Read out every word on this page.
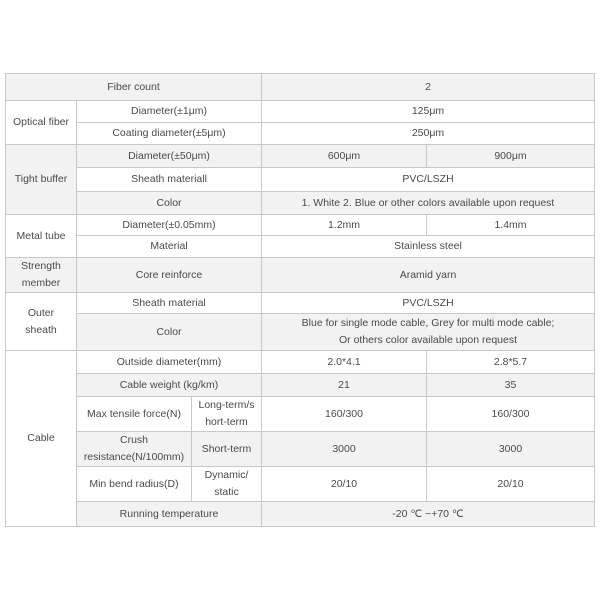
Fiber count			2	
Optical fiber	Diameter(±1μm)		125μm	
	Coating diameter(±5μm)		250μm	
Tight buffer	Diameter(±50μm)		600μm	900μm
	Sheath materiall		PVC/LSZH	
	Color		1. White 2. Blue or other colors available upon request	
Metal tube	Diameter(±0.05mm)		1.2mm	1.4mm
	Material		Stainless steel	
Strength
member	Core reinforce		Aramid yarn	
Outer
sheath	Sheath material		PVC/LSZH	
	Color		Blue for single mode cable, Grey for multi mode cable;
Or others color available upon request	
Cable	Outside diameter(mm)		2.0*4.1	2.8*5.7
	Cable weight (kg/km)		21	35
	Max tensile force(N)	Long-term/s
hort-term	160/300	160/300
	Crush
resistance(N/100mm)	Short-term	3000	3000
	Min bend radius(D)	Dynamic/
static	20/10	20/10
	Running temperature		-20 ℃ ~+70 ℃	
